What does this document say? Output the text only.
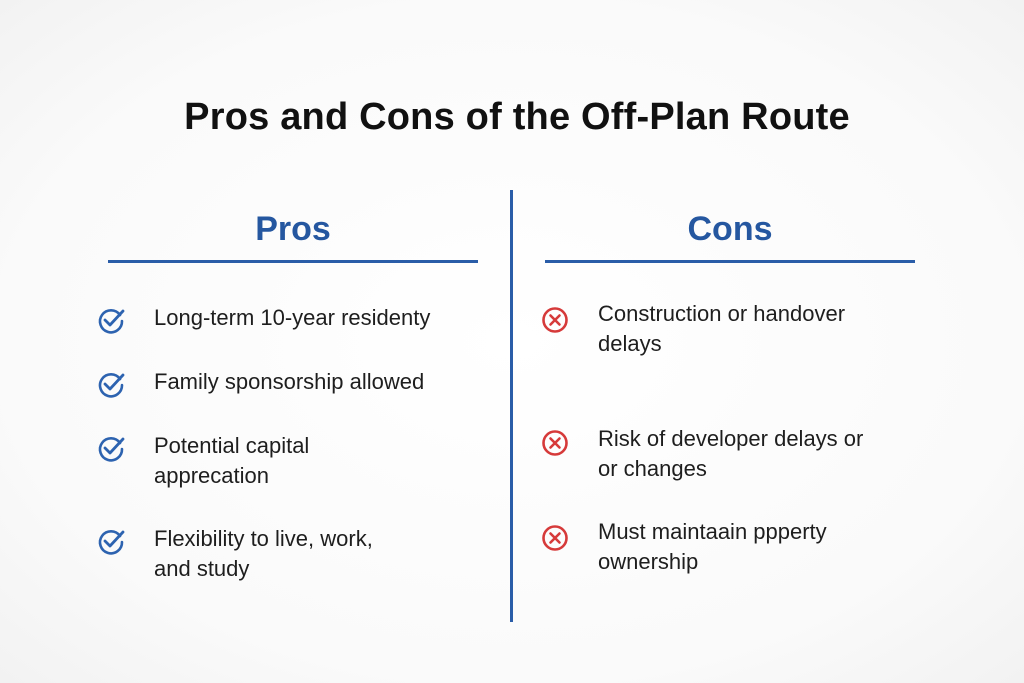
Pros and Cons of the Off-Plan Route
Pros
Long-term 10-year residenty
Family sponsorship allowed
Potential capital
apprecation
Flexibility to live, work,
and study
Cons
Construction or handover
delays
Risk of developer delays or
or changes
Must maintaain ppperty
ownership
